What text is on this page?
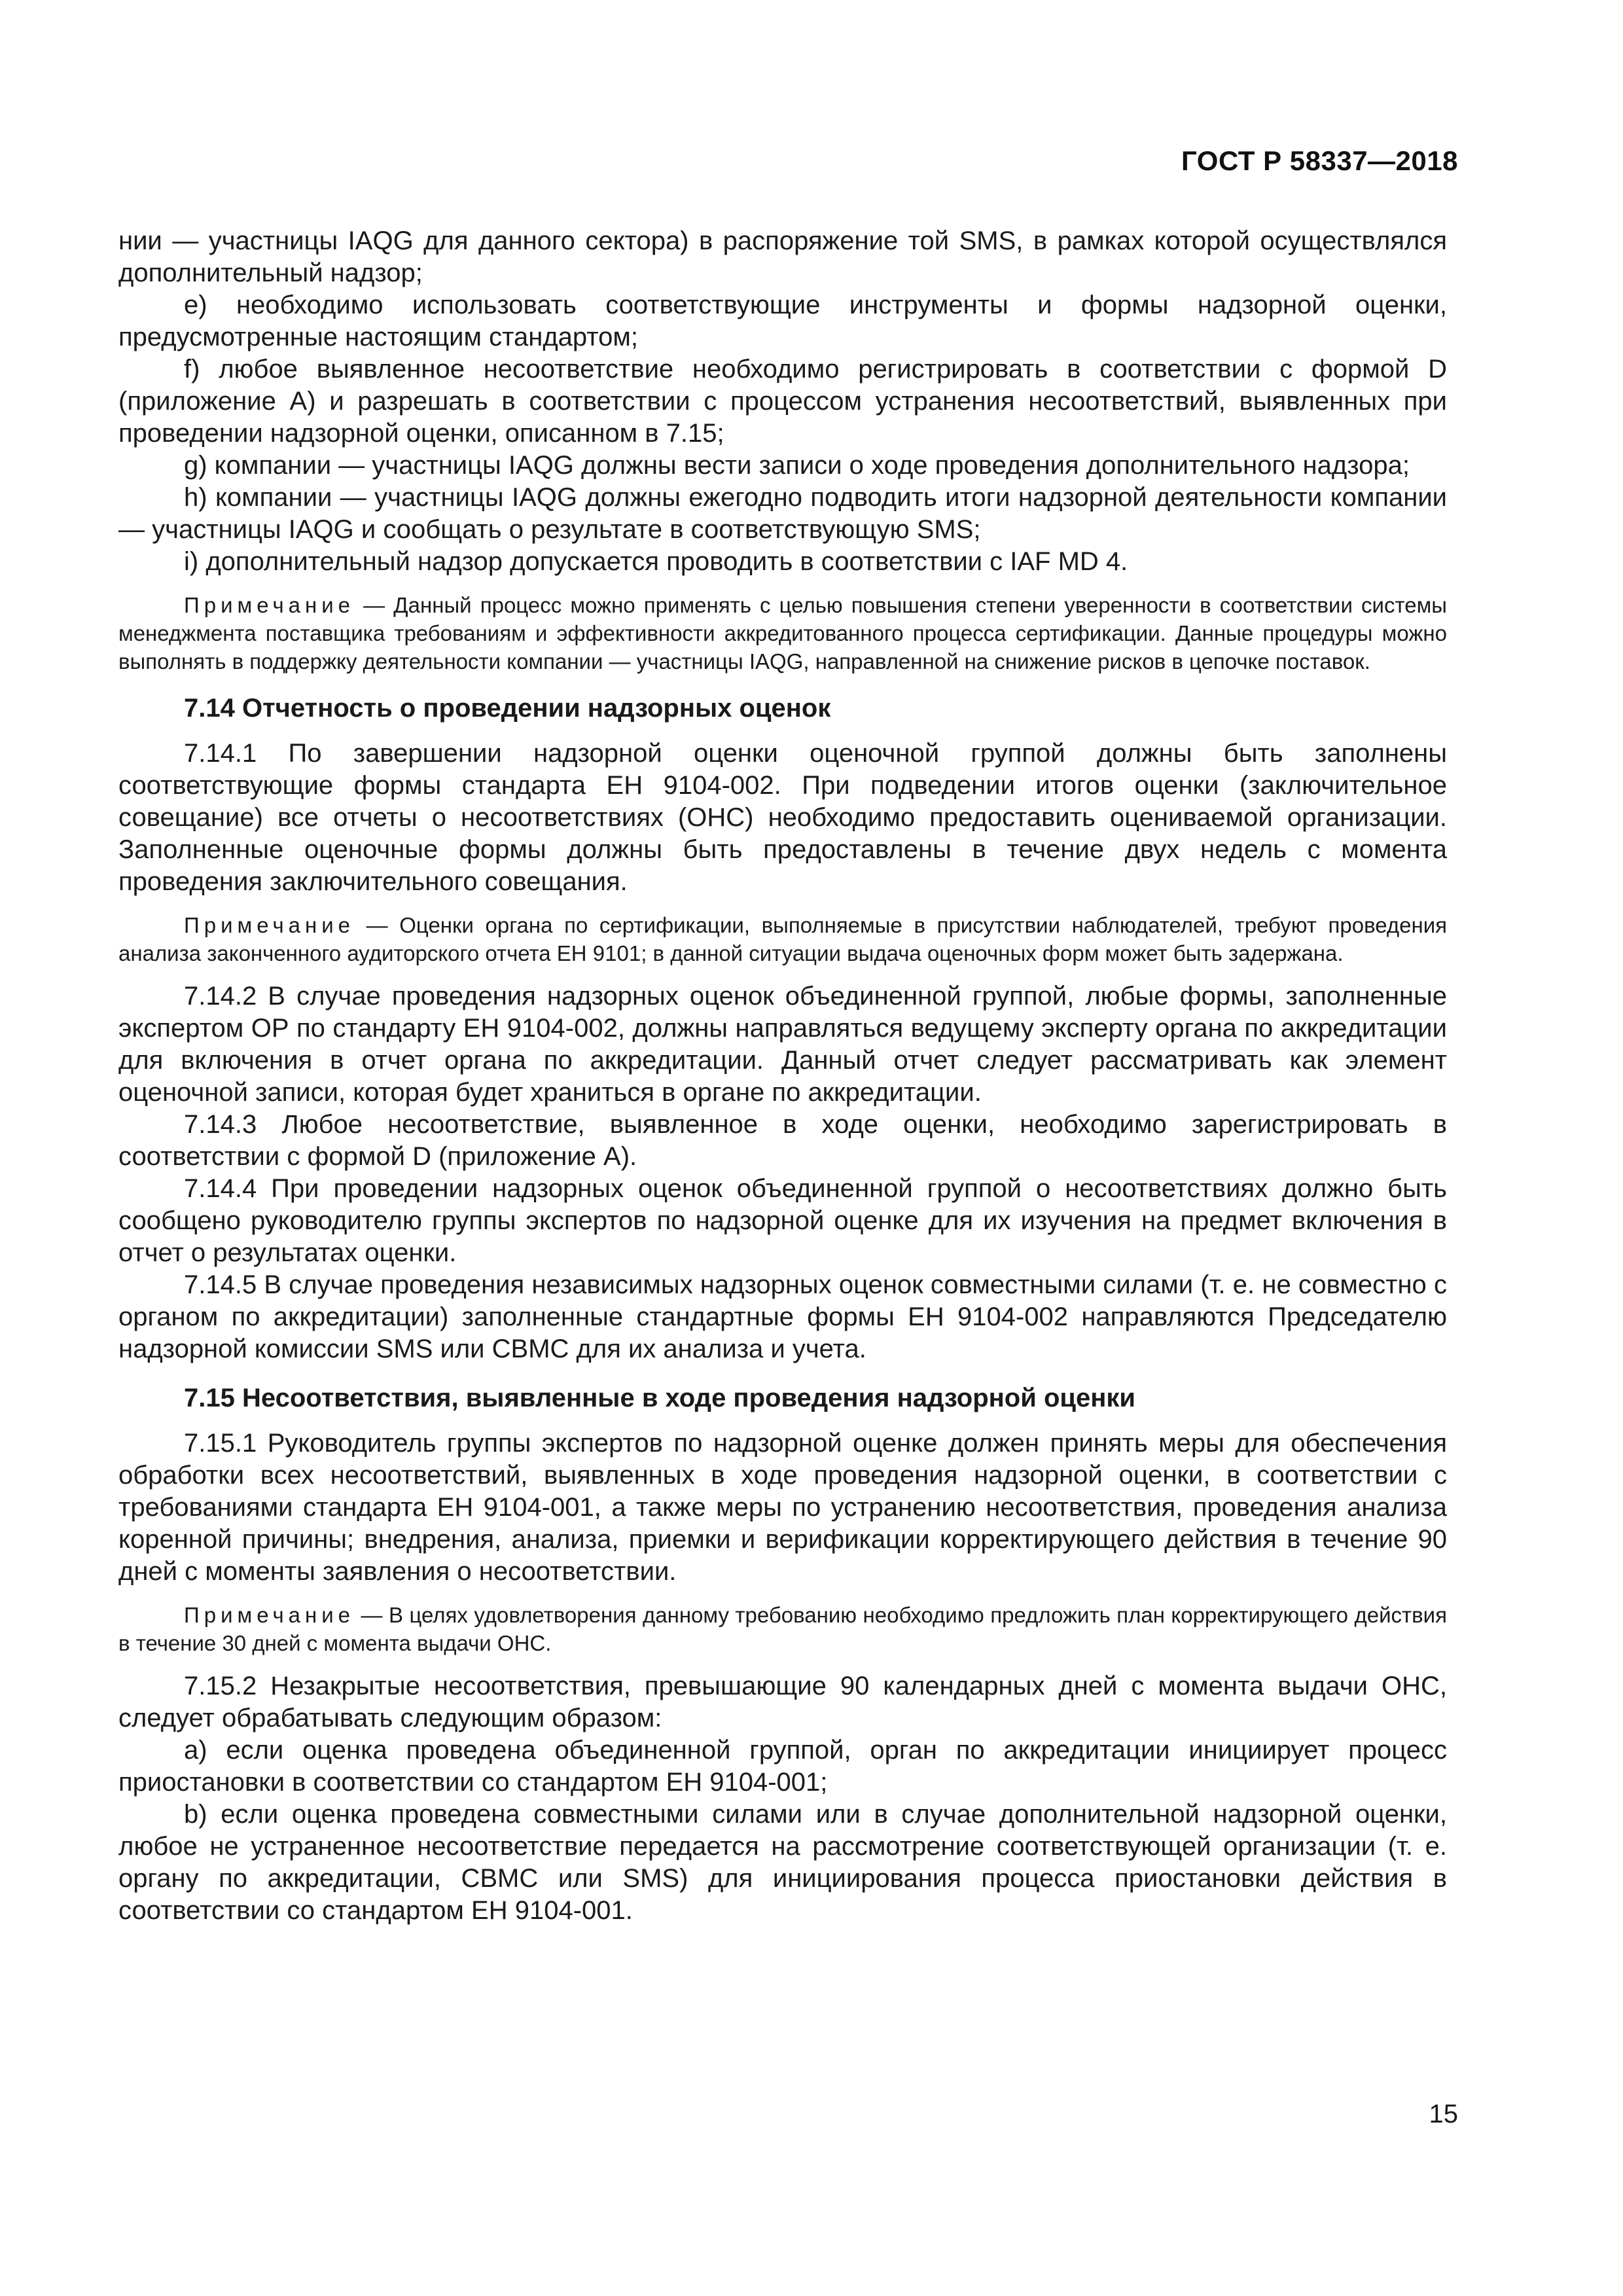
ГОСТ Р 58337—2018

нии — участницы IAQG для данного сектора) в распоряжение той SMS, в рамках которой осуществлялся дополнительный надзор;

e) необходимо использовать соответствующие инструменты и формы надзорной оценки, предусмотренные настоящим стандартом;

f) любое выявленное несоответствие необходимо регистрировать в соответствии с формой D (приложение А) и разрешать в соответствии с процессом устранения несоответствий, выявленных при проведении надзорной оценки, описанном в 7.15;

g) компании — участницы IAQG должны вести записи о ходе проведения дополнительного надзора;

h) компании — участницы IAQG должны ежегодно подводить итоги надзорной деятельности компании — участницы IAQG и сообщать о результате в соответствующую SMS;

i) дополнительный надзор допускается проводить в соответствии с IAF MD 4.

Примечание — Данный процесс можно применять с целью повышения степени уверенности в соответствии системы менеджмента поставщика требованиям и эффективности аккредитованного процесса сертификации. Данные процедуры можно выполнять в поддержку деятельности компании — участницы IAQG, направленной на снижение рисков в цепочке поставок.
7.14 Отчетность о проведении надзорных оценок

7.14.1 По завершении надзорной оценки оценочной группой должны быть заполнены соответствующие формы стандарта ЕН 9104-002. При подведении итогов оценки (заключительное совещание) все отчеты о несоответствиях (ОНС) необходимо предоставить оцениваемой организации. Заполненные оценочные формы должны быть предоставлены в течение двух недель с момента проведения заключительного совещания.

Примечание — Оценки органа по сертификации, выполняемые в присутствии наблюдателей, требуют проведения анализа законченного аудиторского отчета ЕН 9101; в данной ситуации выдача оценочных форм может быть задержана.

7.14.2 В случае проведения надзорных оценок объединенной группой, любые формы, заполненные экспертом ОР по стандарту ЕН 9104-002, должны направляться ведущему эксперту органа по аккредитации для включения в отчет органа по аккредитации. Данный отчет следует рассматривать как элемент оценочной записи, которая будет храниться в органе по аккредитации.

7.14.3 Любое несоответствие, выявленное в ходе оценки, необходимо зарегистрировать в соответствии с формой D (приложение А).

7.14.4 При проведении надзорных оценок объединенной группой о несоответствиях должно быть сообщено руководителю группы экспертов по надзорной оценке для их изучения на предмет включения в отчет о результатах оценки.

7.14.5 В случае проведения независимых надзорных оценок совместными силами (т. е. не совместно с органом по аккредитации) заполненные стандартные формы ЕН 9104-002 направляются Председателю надзорной комиссии SMS или СВМС для их анализа и учета.

7.15 Несоответствия, выявленные в ходе проведения надзорной оценки

7.15.1 Руководитель группы экспертов по надзорной оценке должен принять меры для обеспечения обработки всех несоответствий, выявленных в ходе проведения надзорной оценки, в соответствии с требованиями стандарта ЕН 9104-001, а также меры по устранению несоответствия, проведения анализа коренной причины; внедрения, анализа, приемки и верификации корректирующего действия в течение 90 дней с моменты заявления о несоответствии.

Примечание — В целях удовлетворения данному требованию необходимо предложить план корректирующего действия в течение 30 дней с момента выдачи ОНС.

7.15.2 Незакрытые несоответствия, превышающие 90 календарных дней с момента выдачи ОНС, следует обрабатывать следующим образом:

a) если оценка проведена объединенной группой, орган по аккредитации инициирует процесс приостановки в соответствии со стандартом ЕН 9104-001;

b) если оценка проведена совместными силами или в случае дополнительной надзорной оценки, любое не устраненное несоответствие передается на рассмотрение соответствующей организации (т. е. органу по аккредитации, СВМС или SMS) для инициирования процесса приостановки действия в соответствии со стандартом ЕН 9104-001.

15
